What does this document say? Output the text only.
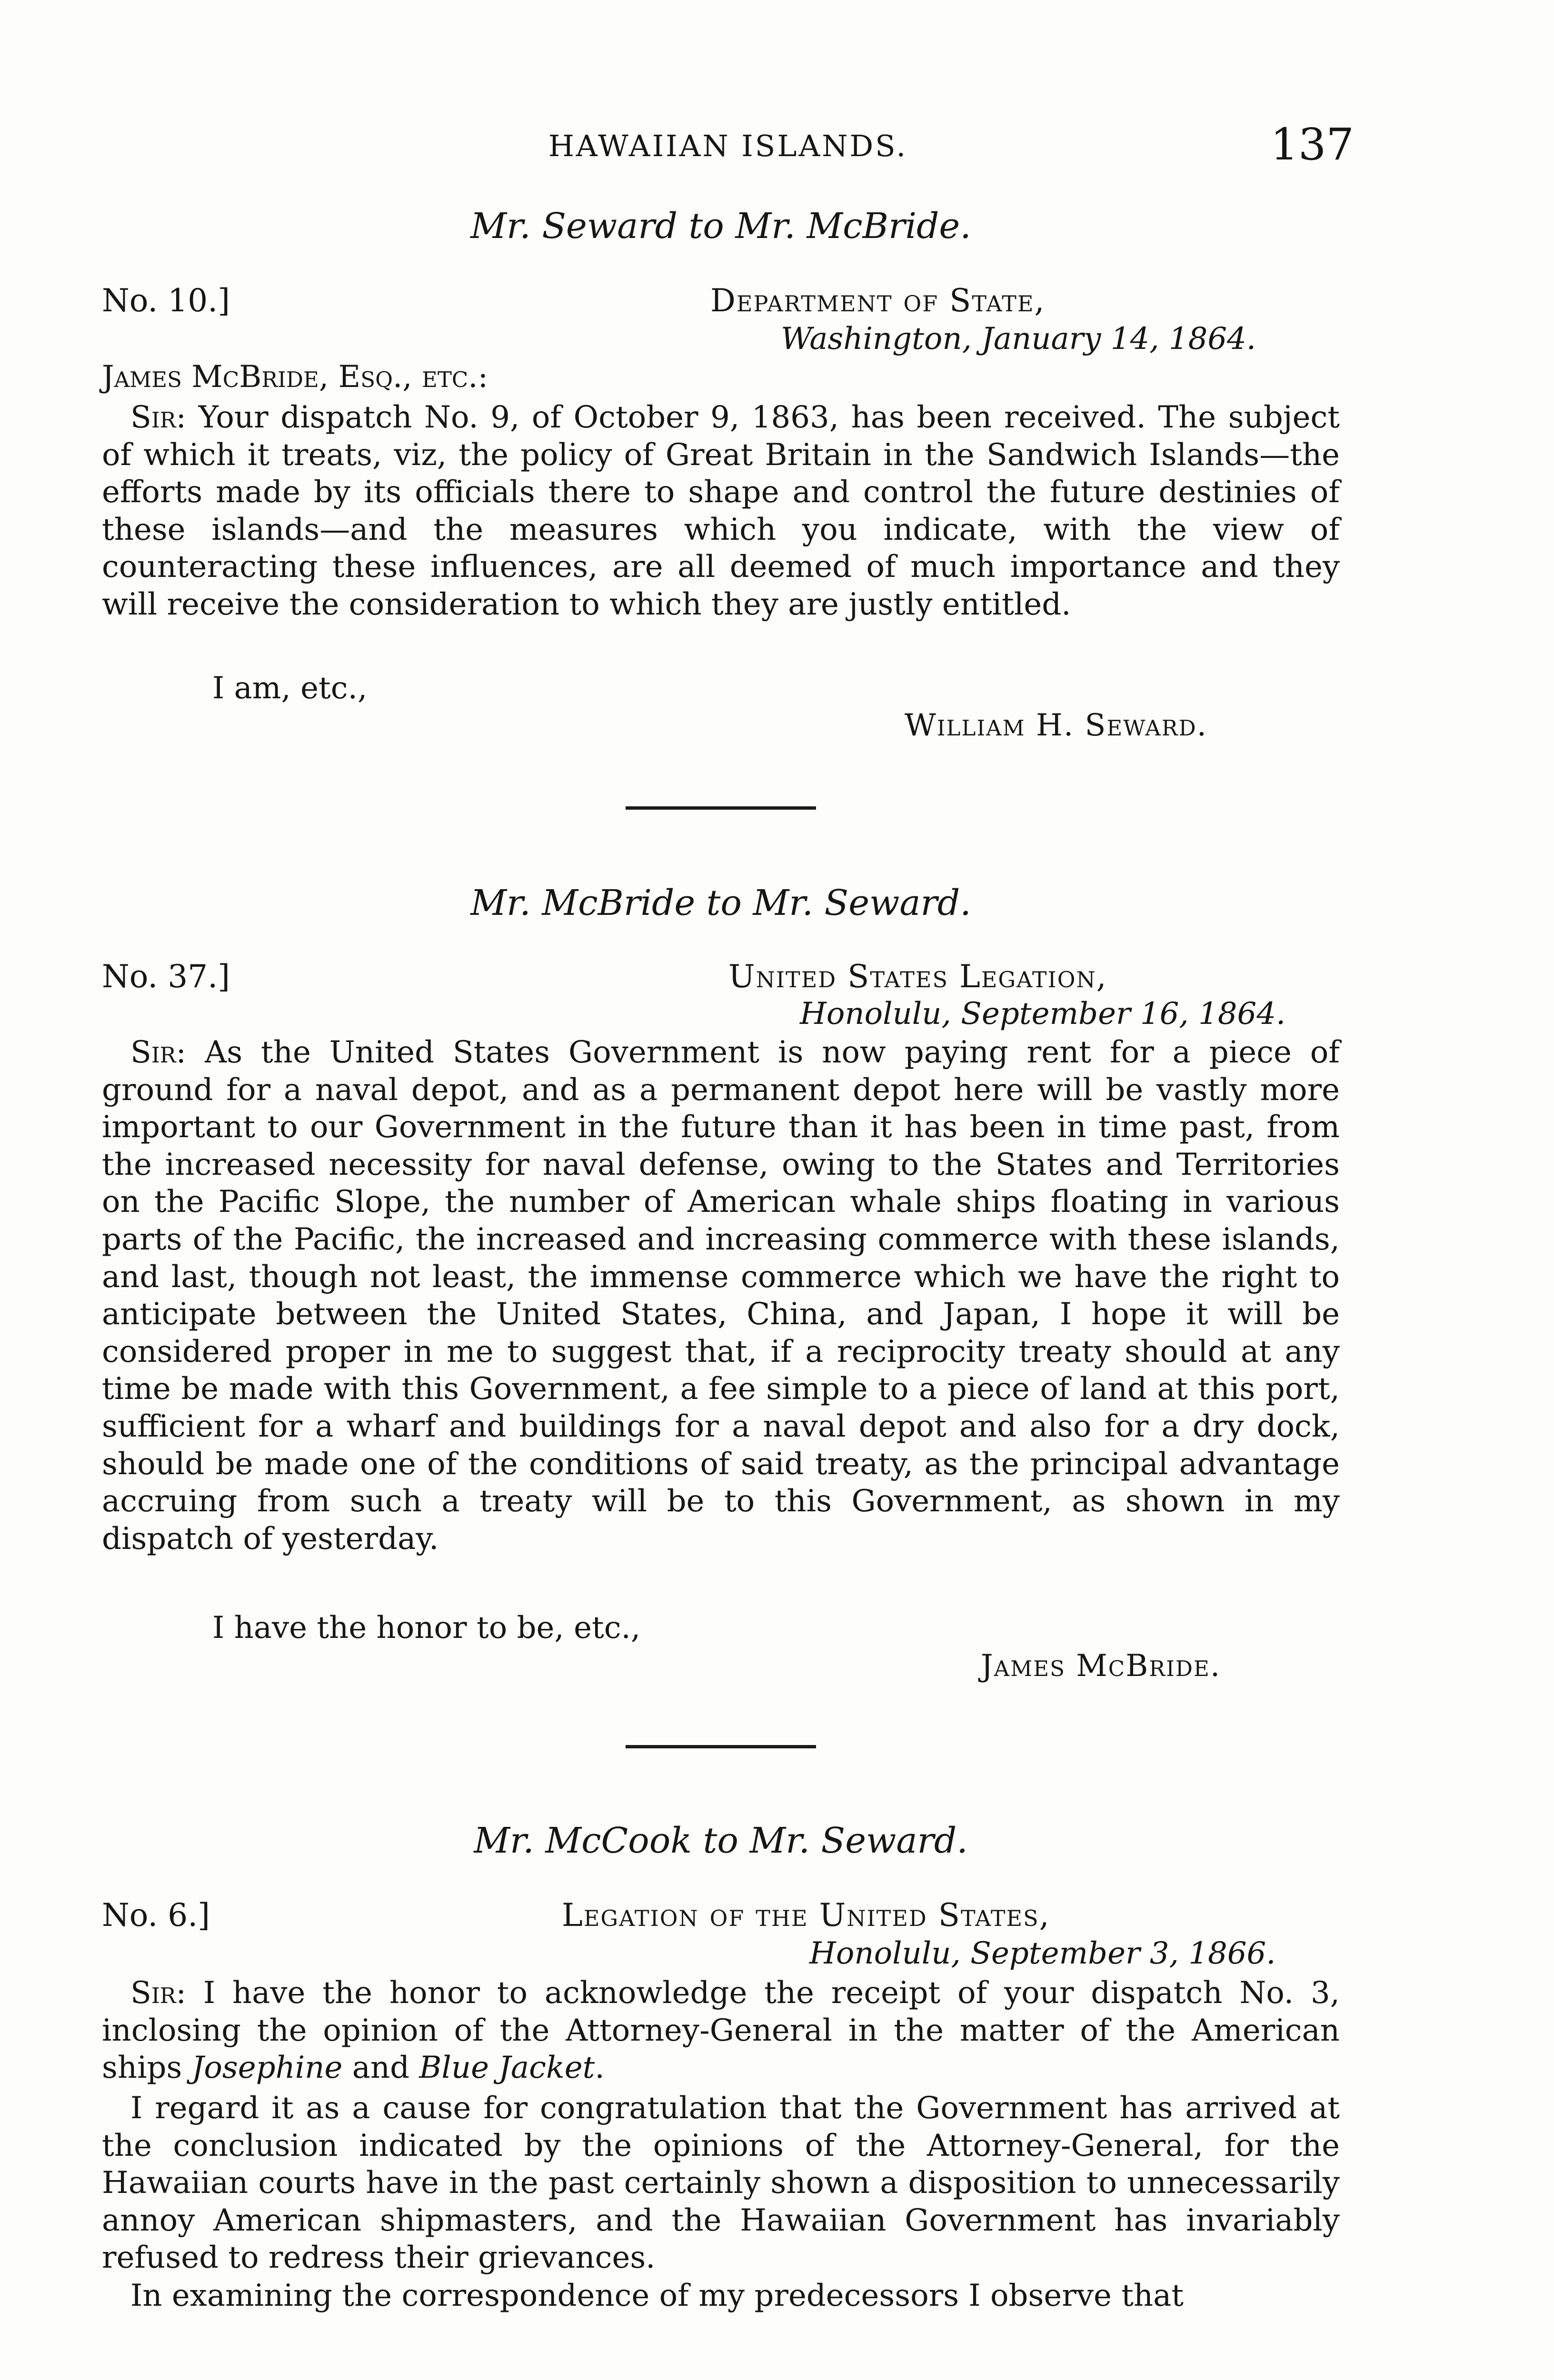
HAWAIIAN ISLANDS.	137
Mr. Seward to Mr. McBride.
No. 10.]	Department of State,
Washington, January 14, 1864.
James McBride, Esq., etc.:

Sir: Your dispatch No. 9, of October 9, 1863, has been received. The subject of which it treats, viz, the policy of Great Britain in the Sandwich Islands—the efforts made by its officials there to shape and control the future destinies of these islands—and the measures which you indicate, with the view of counteracting these influences, are all deemed of much importance and they will receive the consideration to which they are justly entitled.

I am, etc.,
William H. Seward.
Mr. McBride to Mr. Seward.
No. 37.]	United States Legation,
Honolulu, September 16, 1864.

Sir: As the United States Government is now paying rent for a piece of ground for a naval depot, and as a permanent depot here will be vastly more important to our Government in the future than it has been in time past, from the increased necessity for naval defense, owing to the States and Territories on the Pacific Slope, the number of American whale ships floating in various parts of the Pacific, the increased and increasing commerce with these islands, and last, though not least, the immense commerce which we have the right to anticipate between the United States, China, and Japan, I hope it will be considered proper in me to suggest that, if a reciprocity treaty should at any time be made with this Government, a fee simple to a piece of land at this port, sufficient for a wharf and buildings for a naval depot and also for a dry dock, should be made one of the conditions of said treaty, as the principal advantage accruing from such a treaty will be to this Government, as shown in my dispatch of yesterday.

I have the honor to be, etc.,
James McBride.
Mr. McCook to Mr. Seward.
No. 6.]	Legation of the United States,
Honolulu, September 3, 1866.

Sir: I have the honor to acknowledge the receipt of your dispatch No. 3, inclosing the opinion of the Attorney-General in the matter of the American ships Josephine and Blue Jacket.

I regard it as a cause for congratulation that the Government has arrived at the conclusion indicated by the opinions of the Attorney-General, for the Hawaiian courts have in the past certainly shown a disposition to unnecessarily annoy American shipmasters, and the Hawaiian Government has invariably refused to redress their grievances.

In examining the correspondence of my predecessors I observe that
